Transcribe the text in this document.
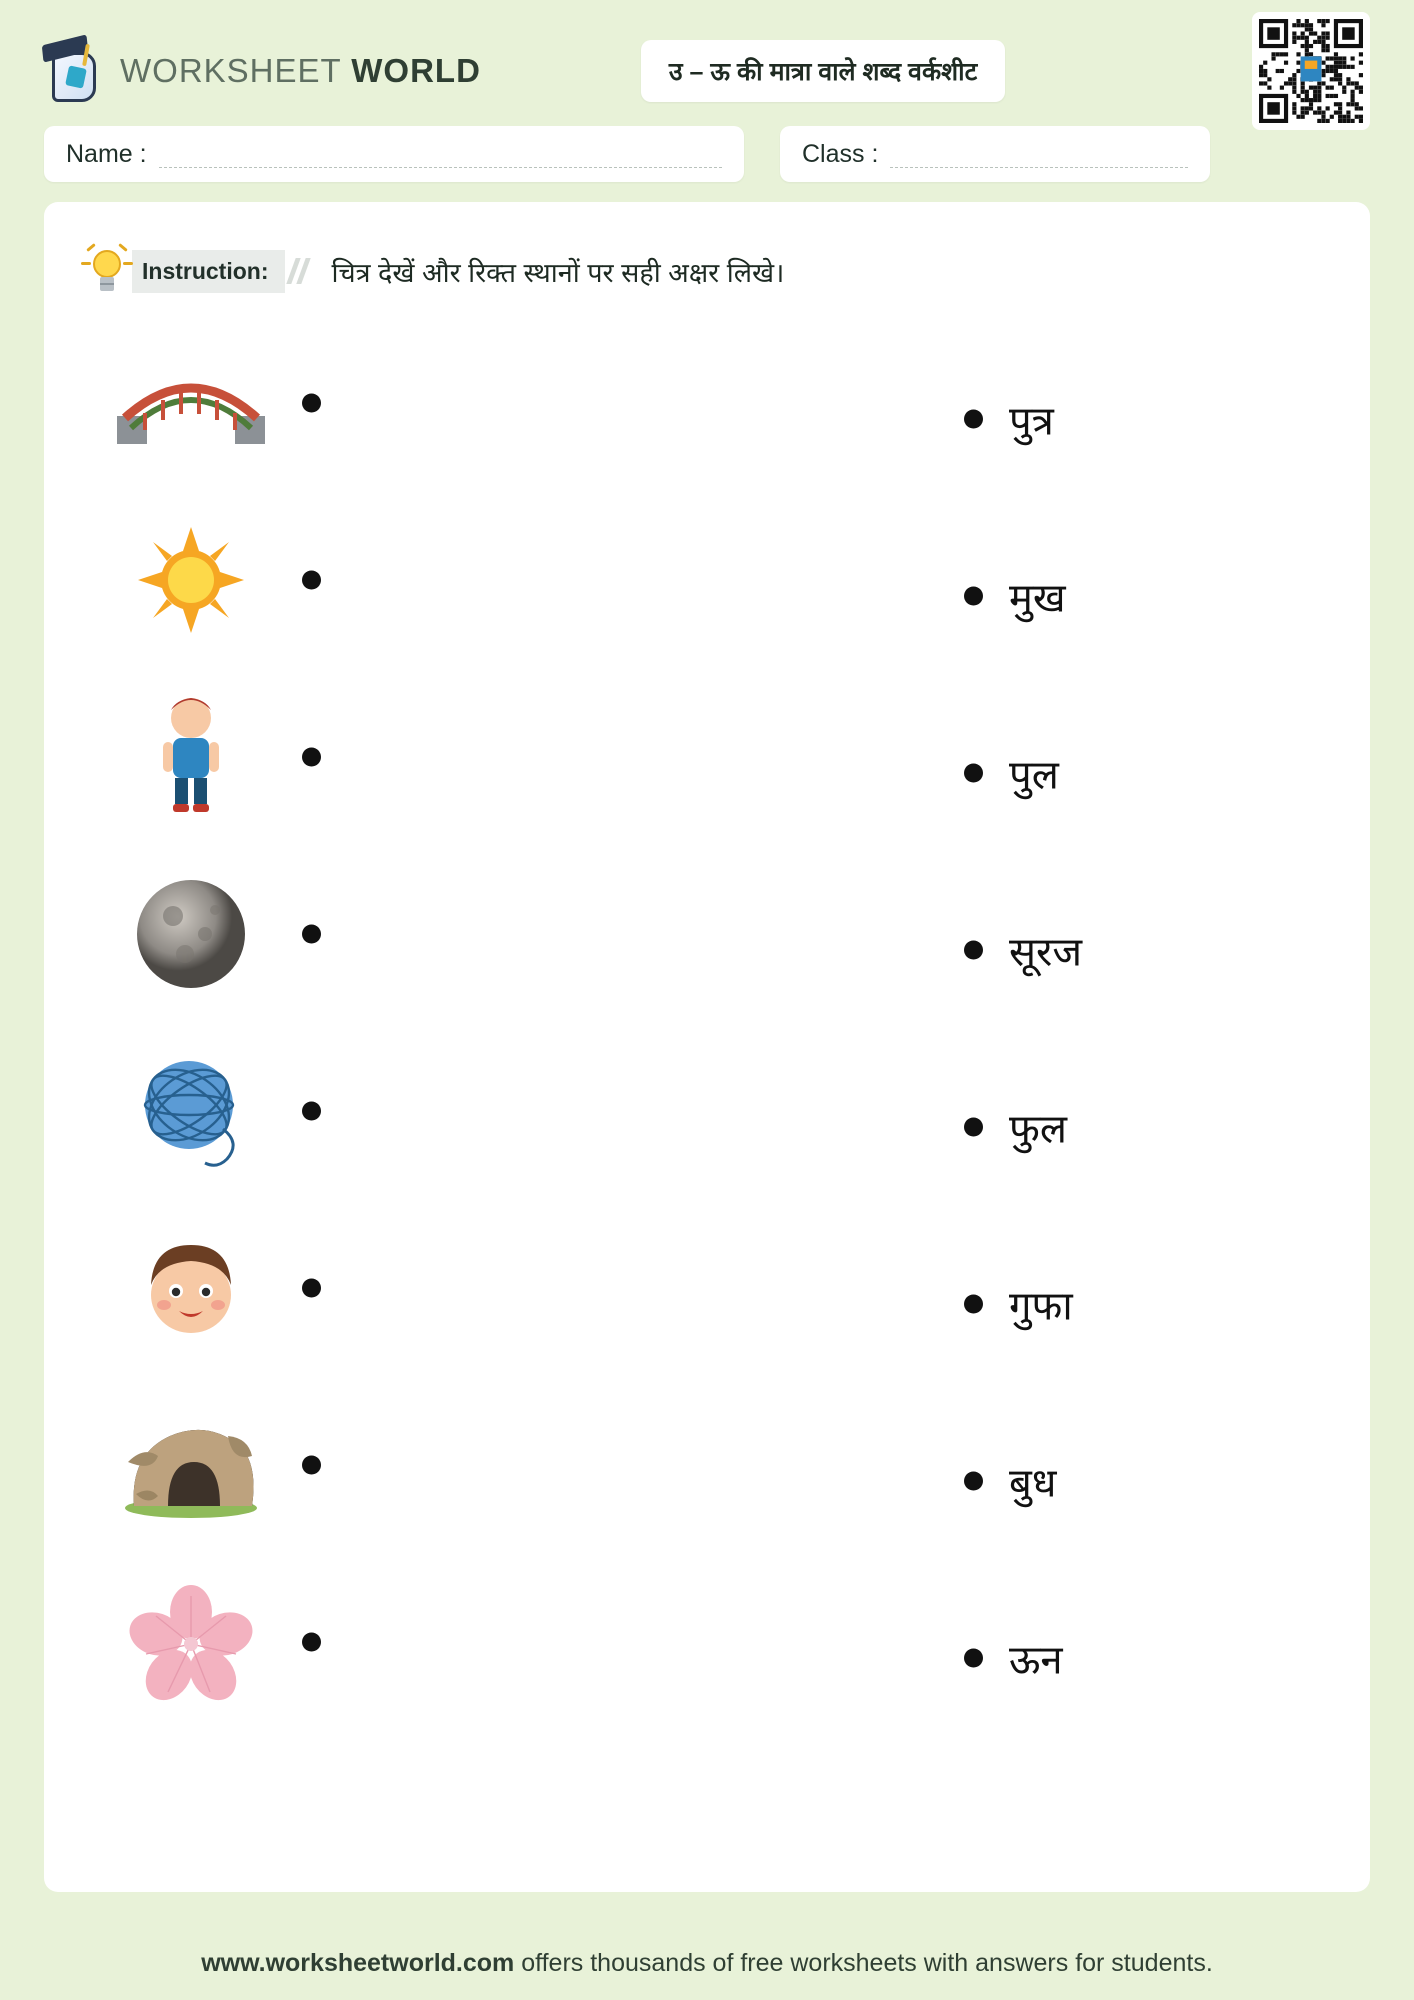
WORKSHEET WORLD	उ – ऊ की मात्रा वाले शब्द वर्कशीट
Name :	Class :
Instruction:	चित्र देखें और रिक्त स्थानों पर सही अक्षर लिखे।
पुत्र
मुख
पुल
सूरज
फुल
गुफा
बुध
ऊन
www.worksheetworld.com offers thousands of free worksheets with answers for students.
